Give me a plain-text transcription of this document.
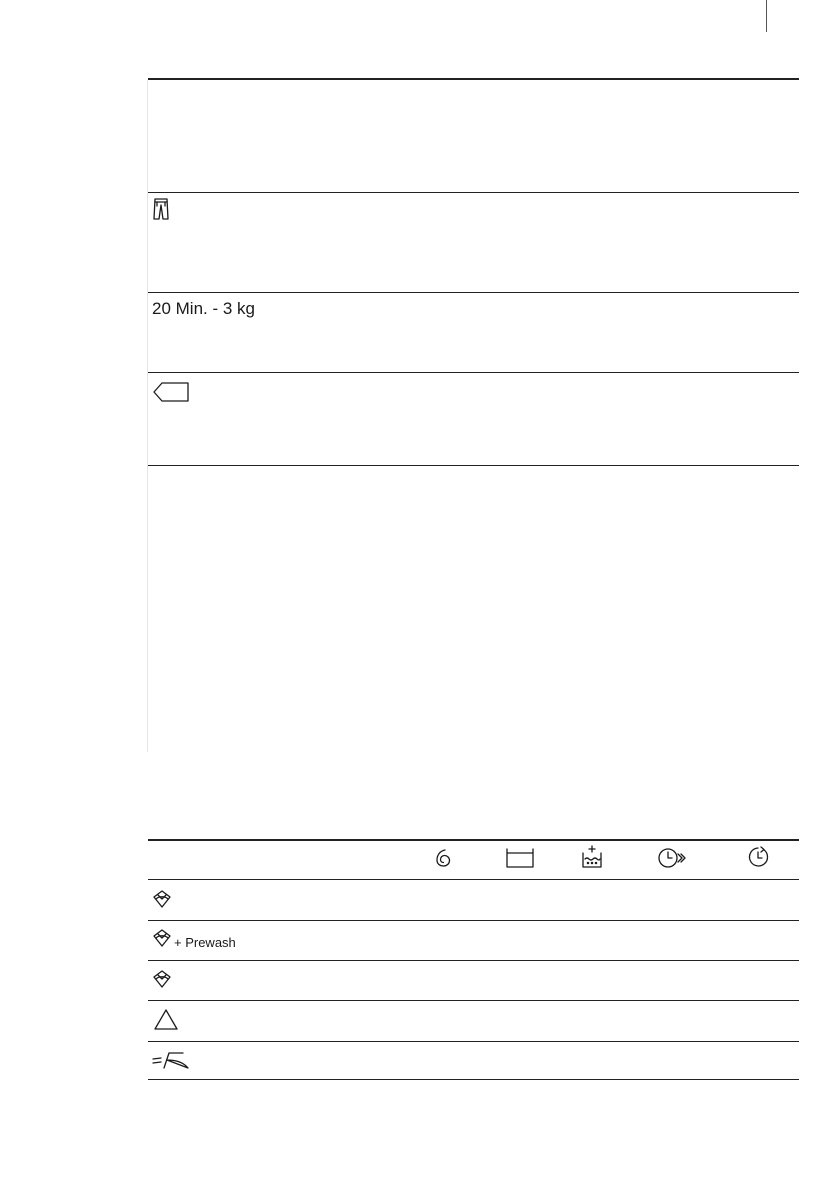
20 Min. - 3 kg
+ Prewash
